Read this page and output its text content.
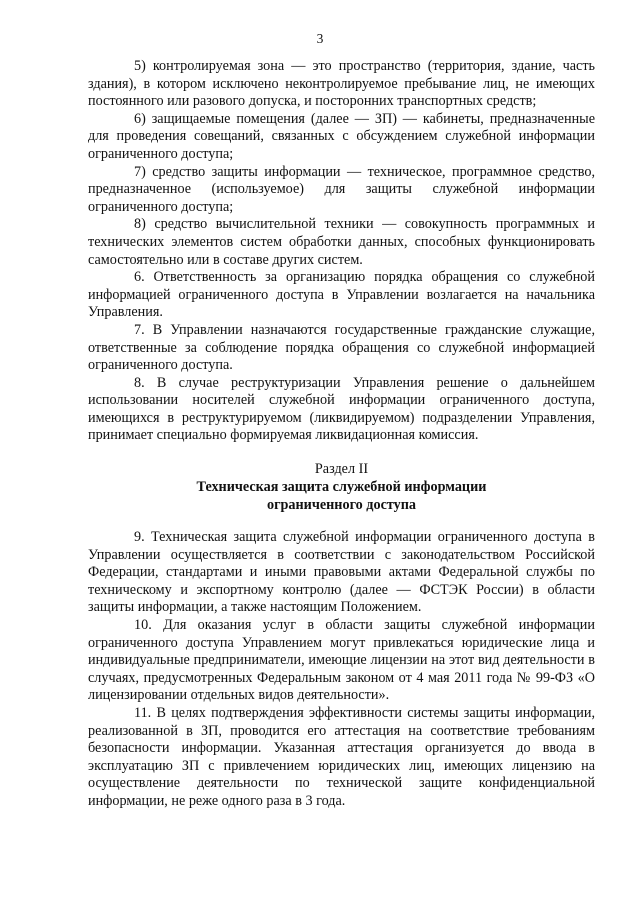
3

5) контролируемая зона — это пространство (территория, здание, часть здания), в котором исключено неконтролируемое пребывание лиц, не имеющих постоянного или разового допуска, и посторонних транспортных средств;

6) защищаемые помещения (далее — ЗП) — кабинеты, предназначенные для проведения совещаний, связанных с обсуждением служебной информации ограниченного доступа;

7) средство защиты информации — техническое, программное средство, предназначенное (используемое) для защиты служебной информации ограниченного доступа;

8) средство вычислительной техники — совокупность программных и технических элементов систем обработки данных, способных функционировать самостоятельно или в составе других систем.

6. Ответственность за организацию порядка обращения со служебной информацией ограниченного доступа в Управлении возлагается на начальника Управления.

7. В Управлении назначаются государственные гражданские служащие, ответственные за соблюдение порядка обращения со служебной информацией ограниченного доступа.

8. В случае реструктуризации Управления решение о дальнейшем использовании носителей служебной информации ограниченного доступа, имеющихся в реструктурируемом (ликвидируемом) подразделении Управления, принимает специально формируемая ликвидационная комиссия.

Раздел II
Техническая защита служебной информации
ограниченного доступа

9. Техническая защита служебной информации ограниченного доступа в Управлении осуществляется в соответствии с законодательством Российской Федерации, стандартами и иными правовыми актами Федеральной службы по техническому и экспортному контролю (далее — ФСТЭК России) в области защиты информации, а также настоящим Положением.

10. Для оказания услуг в области защиты служебной информации ограниченного доступа Управлением могут привлекаться юридические лица и индивидуальные предприниматели, имеющие лицензии на этот вид деятельности в случаях, предусмотренных Федеральным законом от 4 мая 2011 года № 99-ФЗ «О лицензировании отдельных видов деятельности».

11. В целях подтверждения эффективности системы защиты информации, реализованной в ЗП, проводится его аттестация на соответствие требованиям безопасности информации. Указанная аттестация организуется до ввода в эксплуатацию ЗП с привлечением юридических лиц, имеющих лицензию на осуществление деятельности по технической защите конфиденциальной информации, не реже одного раза в 3 года.
